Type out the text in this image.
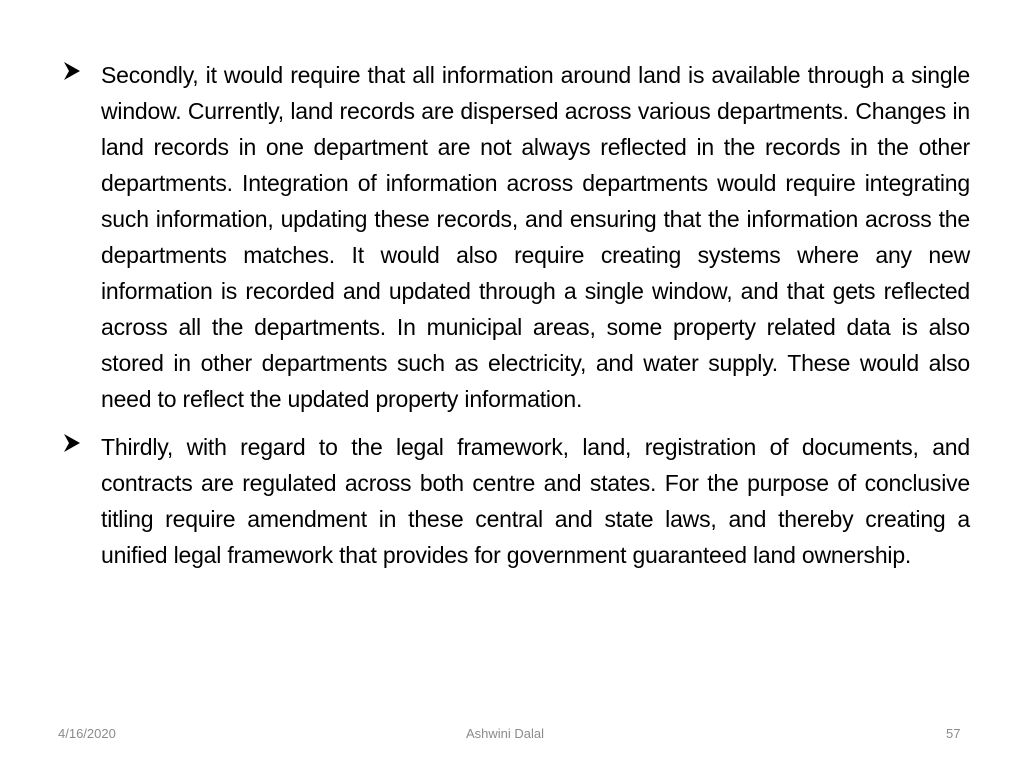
Secondly, it would require that all information around land is available through a single window. Currently, land records are dispersed across various departments. Changes in land records in one department are not always reflected in the records in the other departments. Integration of information across departments would require integrating such information, updating these records, and ensuring that the information across the departments matches. It would also require creating systems where any new information is recorded and updated through a single window, and that gets reflected across all the departments. In municipal areas, some property related data is also stored in other departments such as electricity, and water supply. These would also need to reflect the updated property information.
Thirdly, with regard to the legal framework, land, registration of documents, and contracts are regulated across both centre and states. For the purpose of conclusive titling require amendment in these central and state laws, and thereby creating a unified legal framework that provides for government guaranteed land ownership.
4/16/2020	Ashwini Dalal	57
